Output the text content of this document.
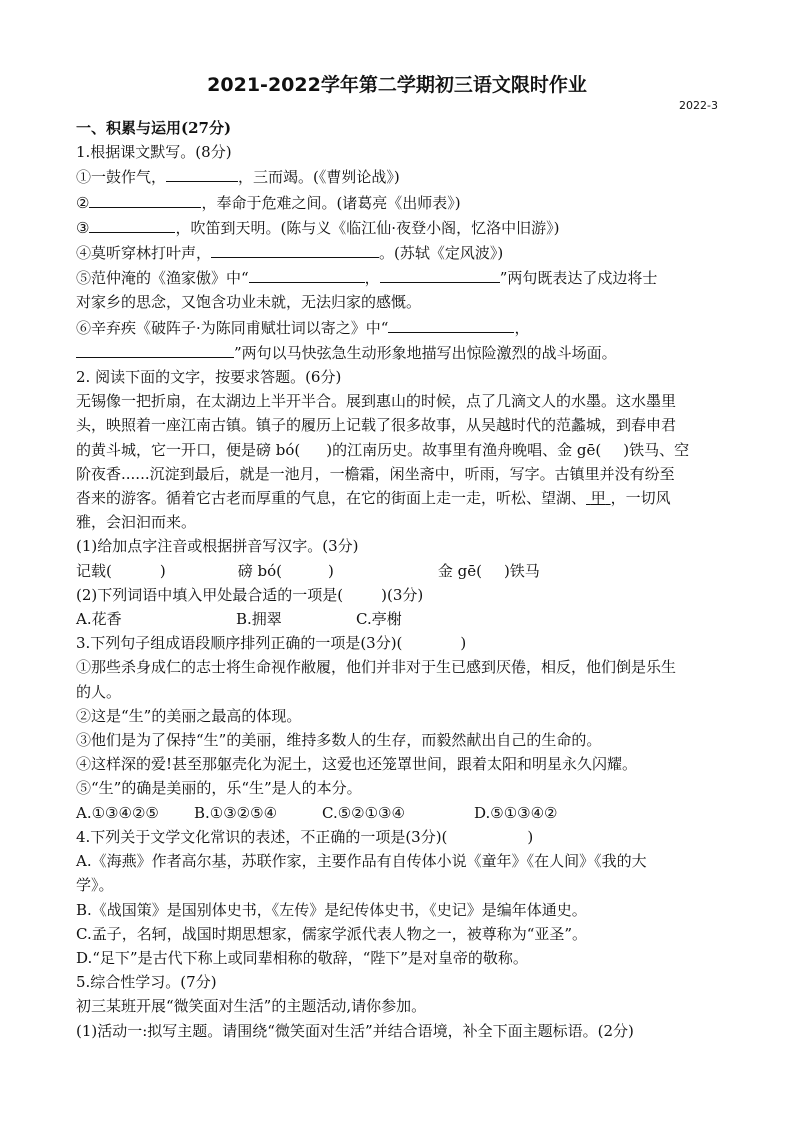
2021-2022学年第二学期初三语文限时作业
2022-3
一、积累与运用(27分)
1.根据课文默写。(8分)
①一鼓作气，	，三而竭。(《曹刿论战》)
②	，奉命于危难之间。(诸葛亮《出师表》)
③	，吹笛到天明。(陈与义《临江仙·夜登小阁，忆洛中旧游》)
④莫听穿林打叶声，	。(苏轼《定风波》)
⑤范仲淹的《渔家傲》中“	，	”两句既表达了戍边将士
对家乡的思念，又饱含功业未就，无法归家的感慨。
⑥辛弃疾《破阵子·为陈同甫赋壮词以寄之》中“	，
”两句以马快弦急生动形象地描写出惊险激烈的战斗场面。
2. 阅读下面的文字，按要求答题。(6分)
无锡像一把折扇，在太湖边上半开半合。展到惠山的时候，点了几滴文人的水墨。这水墨里
头，映照着一座江南古镇。镇子的履历上记载了很多故事，从吴越时代的范蠡城，到春申君
的黄斗城，它一开口，便是磅 bó( )的江南历史。故事里有渔舟晚唱、金 gē( )铁马、空
阶夜香......沉淀到最后，就是一池月，一檐霜，闲坐斋中，听雨，写字。古镇里并没有纷至
沓来的游客。循着它古老而厚重的气息，在它的街面上走一走，听松、望湖、 甲 ，一切风
雅，会汩汩而来。
(1)给加点字注音或根据拼音写汉字。(3分)
记载(	)	磅 bó(	)	金 gē( )铁马
(2)下列词语中填入甲处最合适的一项是(	)(3分)
A.花香	B.拥翠	C.亭榭
3.下列句子组成语段顺序排列正确的一项是(3分)(	)
①那些杀身成仁的志士将生命视作敝履，他们并非对于生已感到厌倦，相反，他们倒是乐生
的人。
②这是“生”的美丽之最高的体现。
③他们是为了保持“生”的美丽，维持多数人的生存，而毅然献出自己的生命的。
④这样深的爱!甚至那躯壳化为泥土，这爱也还笼罩世间，跟着太阳和明星永久闪耀。
⑤“生”的确是美丽的，乐“生”是人的本分。
A.①③④②⑤	B.①③②⑤④	C.⑤②①③④	D.⑤①③④②
4.下列关于文学文化常识的表述，不正确的一项是(3分)(	)
A.《海燕》作者高尔基，苏联作家，主要作品有自传体小说《童年》《在人间》《我的大
学》。
B.《战国策》是国别体史书，《左传》是纪传体史书，《史记》是编年体通史。
C.孟子，名轲，战国时期思想家，儒家学派代表人物之一，被尊称为“亚圣”。
D.“足下”是古代下称上或同辈相称的敬辞，“陛下”是对皇帝的敬称。
5.综合性学习。(7分)
初三某班开展“微笑面对生活”的主题活动,请你参加。
(1)活动一:拟写主题。请围绕“微笑面对生活”并结合语境，补全下面主题标语。(2分)
